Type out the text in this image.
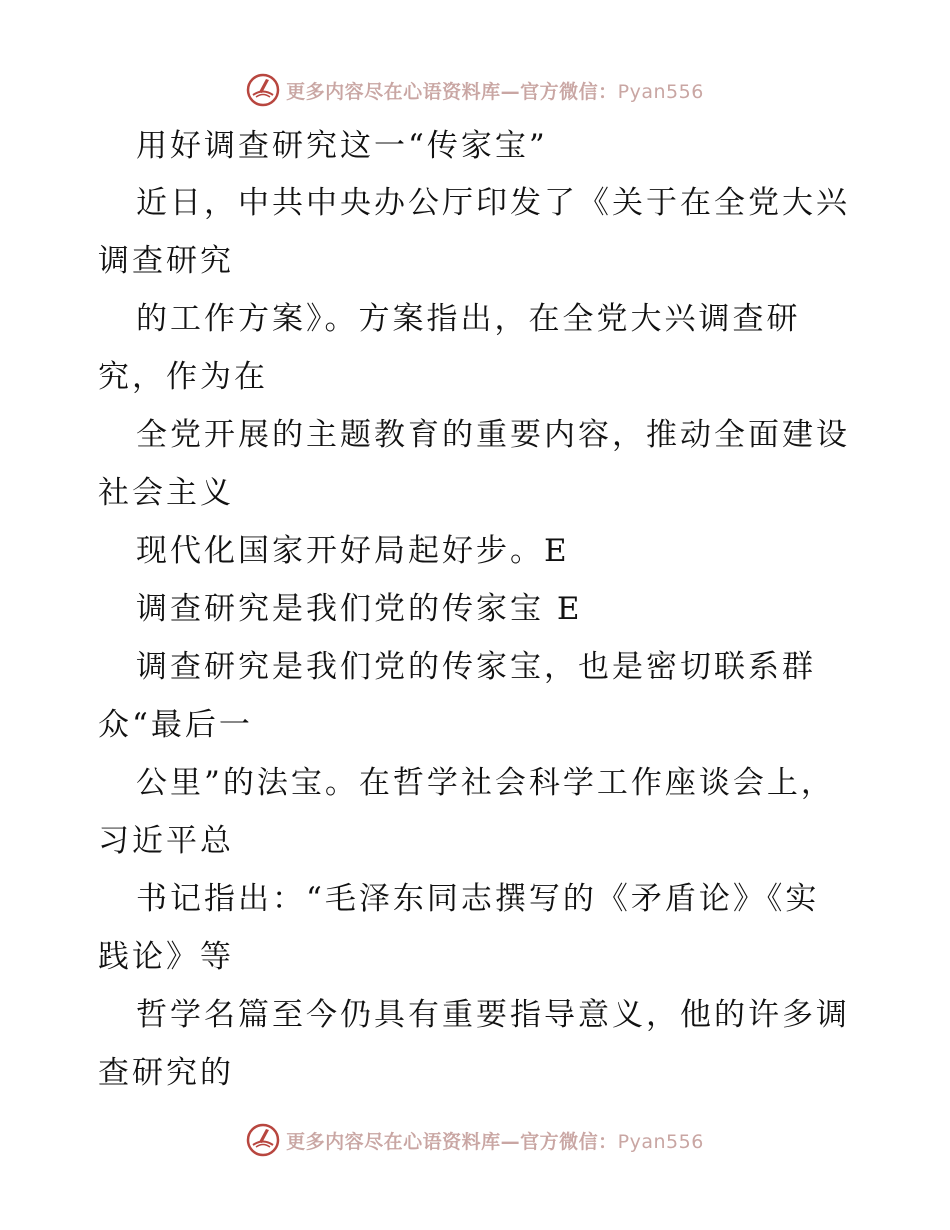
更多内容尽在心语资料库—官方微信：Pyan556
用好调查研究这一“传家宝”
近日，中共中央办公厅印发了《关于在全党大兴
调查研究
的工作方案》。方案指出，在全党大兴调查研
究，作为在
全党开展的主题教育的重要内容，推动全面建设
社会主义
现代化国家开好局起好步。E
调查研究是我们党的传家宝 E
调查研究是我们党的传家宝，也是密切联系群
众“最后一
公里”的法宝。在哲学社会科学工作座谈会上，
习近平总
书记指出：“毛泽东同志撰写的《矛盾论》《实
践论》等
哲学名篇至今仍具有重要指导意义，他的许多调
查研究的
更多内容尽在心语资料库—官方微信：Pyan556
